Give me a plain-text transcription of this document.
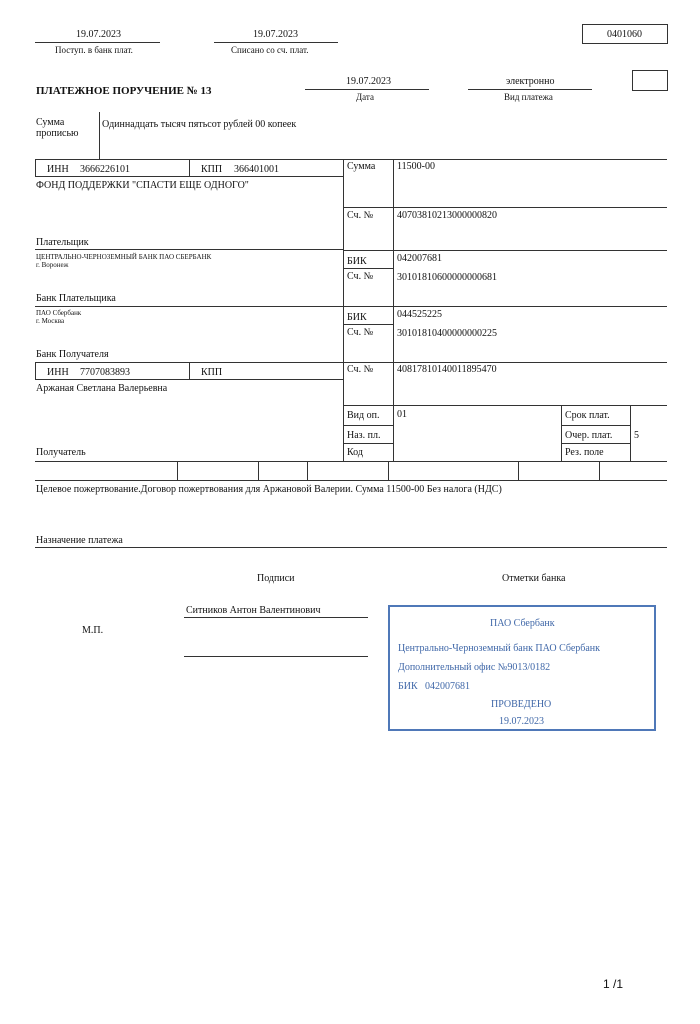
19.07.2023
Поступ. в банк плат.
19.07.2023
Списано со сч. плат.
0401060
ПЛАТЕЖНОЕ ПОРУЧЕНИЕ № 13
19.07.2023
Дата
электронно
Вид платежа
Сумма
прописью
Одиннадцать тысяч пятьсот рублей 00 копеек
ИНН 3666226101	КПП 366401001
ФОНД ПОДДЕРЖКИ "СПАСТИ ЕЩЕ ОДНОГО"
Плательщик
Сумма 11500-00
Сч. № 40703810213000000820
ЦЕНТРАЛЬНО-ЧЕРНОЗЕМНЫЙ БАНК ПАО СБЕРБАНК
г. Воронеж
Банк Плательщика
БИК	042007681
Сч. № 30101810600000000681
ПАО Сбербанк
г. Москва
Банк Получателя
БИК	044525225
Сч. № 30101810400000000225
ИНН 7707083893	КПП
Аржаная Светлана Валерьевна
Сч. № 40817810140011895470
Получатель
Вид оп. 01
Наз. пл.
Код
Срок плат.
Очер. плат. 5
Рез. поле
Целевое пожертвование.Договор пожертвования для Аржановой Валерии. Сумма 11500-00 Без налога (НДС)
Назначение платежа
Подписи	Отметки банка
М.П.
Ситников Антон Валентинович
ПАО Сбербанк
Центрально-Черноземный банк ПАО Сбербанк
Дополнительный офис №9013/0182
БИК 042007681
ПРОВЕДЕНО
19.07.2023
1 /1
